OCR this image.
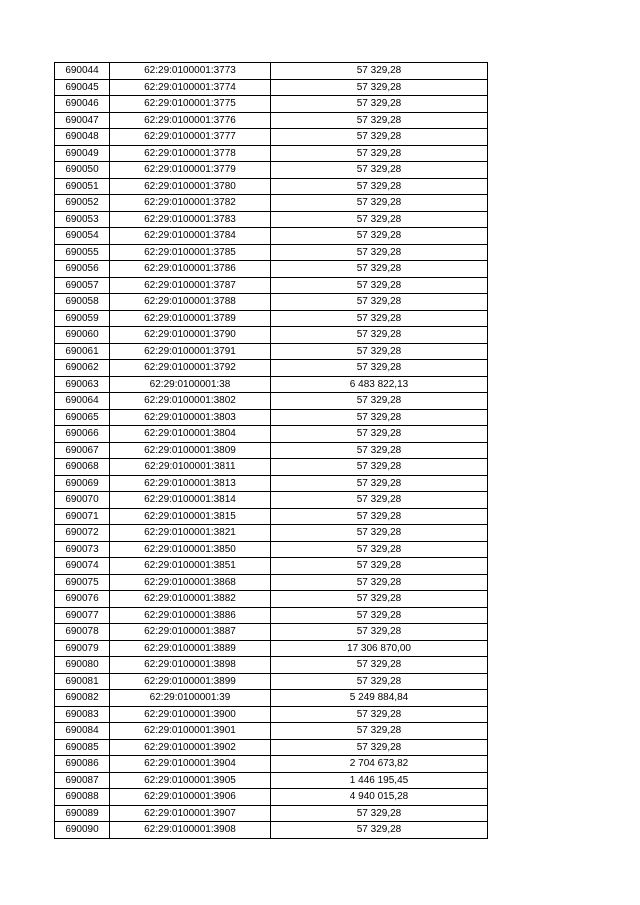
690044	62:29:0100001:3773	57 329,28
690045	62:29:0100001:3774	57 329,28
690046	62:29:0100001:3775	57 329,28
690047	62:29:0100001:3776	57 329,28
690048	62:29:0100001:3777	57 329,28
690049	62:29:0100001:3778	57 329,28
690050	62:29:0100001:3779	57 329,28
690051	62:29:0100001:3780	57 329,28
690052	62:29:0100001:3782	57 329,28
690053	62:29:0100001:3783	57 329,28
690054	62:29:0100001:3784	57 329,28
690055	62:29:0100001:3785	57 329,28
690056	62:29:0100001:3786	57 329,28
690057	62:29:0100001:3787	57 329,28
690058	62:29:0100001:3788	57 329,28
690059	62:29:0100001:3789	57 329,28
690060	62:29:0100001:3790	57 329,28
690061	62:29:0100001:3791	57 329,28
690062	62:29:0100001:3792	57 329,28
690063	62:29:0100001:38	6 483 822,13
690064	62:29:0100001:3802	57 329,28
690065	62:29:0100001:3803	57 329,28
690066	62:29:0100001:3804	57 329,28
690067	62:29:0100001:3809	57 329,28
690068	62:29:0100001:3811	57 329,28
690069	62:29:0100001:3813	57 329,28
690070	62:29:0100001:3814	57 329,28
690071	62:29:0100001:3815	57 329,28
690072	62:29:0100001:3821	57 329,28
690073	62:29:0100001:3850	57 329,28
690074	62:29:0100001:3851	57 329,28
690075	62:29:0100001:3868	57 329,28
690076	62:29:0100001:3882	57 329,28
690077	62:29:0100001:3886	57 329,28
690078	62:29:0100001:3887	57 329,28
690079	62:29:0100001:3889	17 306 870,00
690080	62:29:0100001:3898	57 329,28
690081	62:29:0100001:3899	57 329,28
690082	62:29:0100001:39	5 249 884,84
690083	62:29:0100001:3900	57 329,28
690084	62:29:0100001:3901	57 329,28
690085	62:29:0100001:3902	57 329,28
690086	62:29:0100001:3904	2 704 673,82
690087	62:29:0100001:3905	1 446 195,45
690088	62:29:0100001:3906	4 940 015,28
690089	62:29:0100001:3907	57 329,28
690090	62:29:0100001:3908	57 329,28
